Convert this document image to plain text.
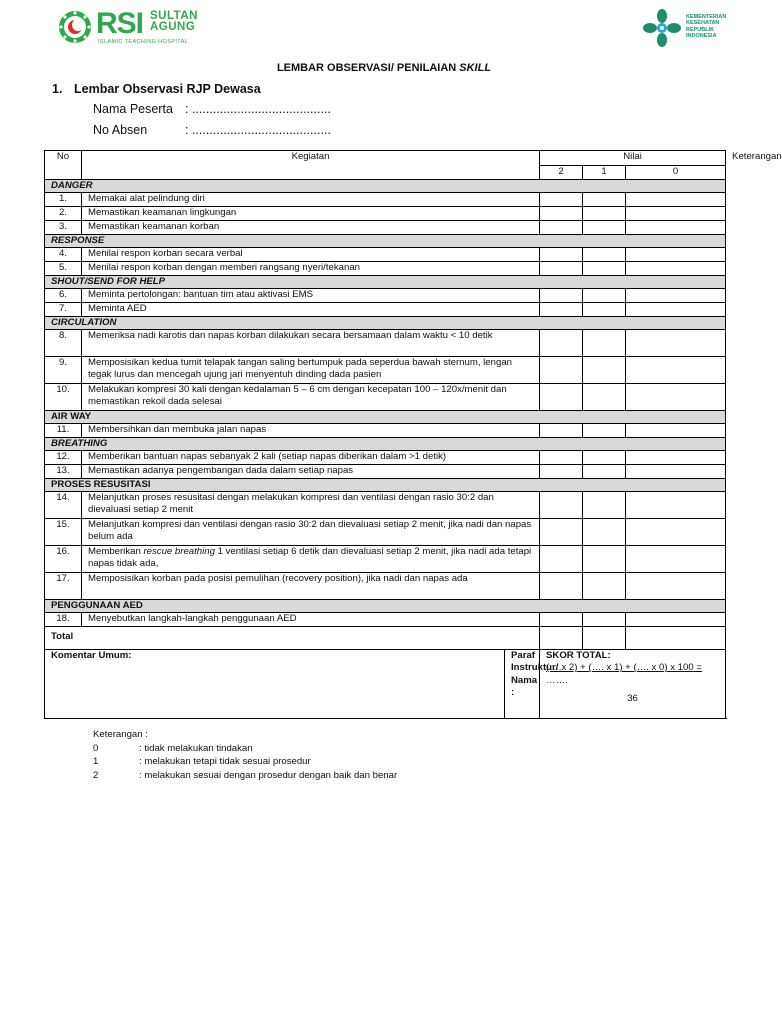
RSI SULTAN
AGUNG
ISLAMIC TEACHING HOSPITAL
KEMENTERIAN
KESEHATAN
REPUBLIK
INDONESIA
LEMBAR OBSERVASI/ PENILAIAN SKILL
1. Lembar Observasi RJP Dewasa
Nama Peserta : ........................................
No Absen	: ........................................
No	Kegiatan		Nilai			Keterangan
			2	1	0	
DANGER						
1.	Memakai alat pelindung diri					
2.	Memastikan keamanan lingkungan					
3.	Memastikan keamanan korban					
RESPONSE						
4.	Menilai respon korban secara verbal					
5.	Menilai respon korban dengan memberi rangsang nyeri/tekanan					
SHOUT/SEND FOR HELP						
6.	Meminta pertolongan: bantuan tim atau aktivasi EMS					
7.	Meminta AED					
CIRCULATION						
8.	Memeriksa nadi karotis dan napas korban dilakukan secara bersamaan dalam waktu < 10 detik					
9.	Memposisikan kedua tumit telapak tangan saling bertumpuk pada seperdua bawah sternum, lengan tegak lurus dan mencegah ujung jari menyentuh dinding dada pasien					
10.	Melakukan kompresi 30 kali dengan kedalaman 5 – 6 cm dengan kecepatan 100 – 120x/menit dan memastikan rekoil dada selesai					
AIR WAY						
11.	Membersihkan dan membuka jalan napas					
BREATHING						
12.	Memberikan bantuan napas sebanyak 2 kali (setiap napas diberikan dalam >1 detik)					
13.	Memastikan adanya pengembangan dada dalam setiap napas					
PROSES RESUSITASI						
14.	Melanjutkan proses resusitasi dengan melakukan kompresi dan ventilasi dengan rasio 30:2 dan dievaluasi setiap 2 menit					
15.	Melanjutkan kompresi dan ventilasi dengan rasio 30:2 dan dievaluasi setiap 2 menit, jika nadi dan napas belum ada					
16.	Memberikan rescue breathing 1 ventilasi setiap 6 detik dan dievaluasi setiap 2 menit, jika nadi ada tetapi napas tidak ada,					
17.	Memposisikan korban pada posisi pemulihan (recovery position), jika nadi dan napas ada					
PENGGUNAAN AED						
18.	Menyebutkan langkah-langkah penggunaan AED					
Total						
Komentar Umum:		Paraf Instruktur/ Nama :	SKOR TOTAL:
(….x 2) + (…. x 1) + (…. x 0) x 100 =
…….
36			
Keterangan :
0	: tidak melakukan tindakan
1	: melakukan tetapi tidak sesuai prosedur
2	: melakukan sesuai dengan prosedur dengan baik dan benar
